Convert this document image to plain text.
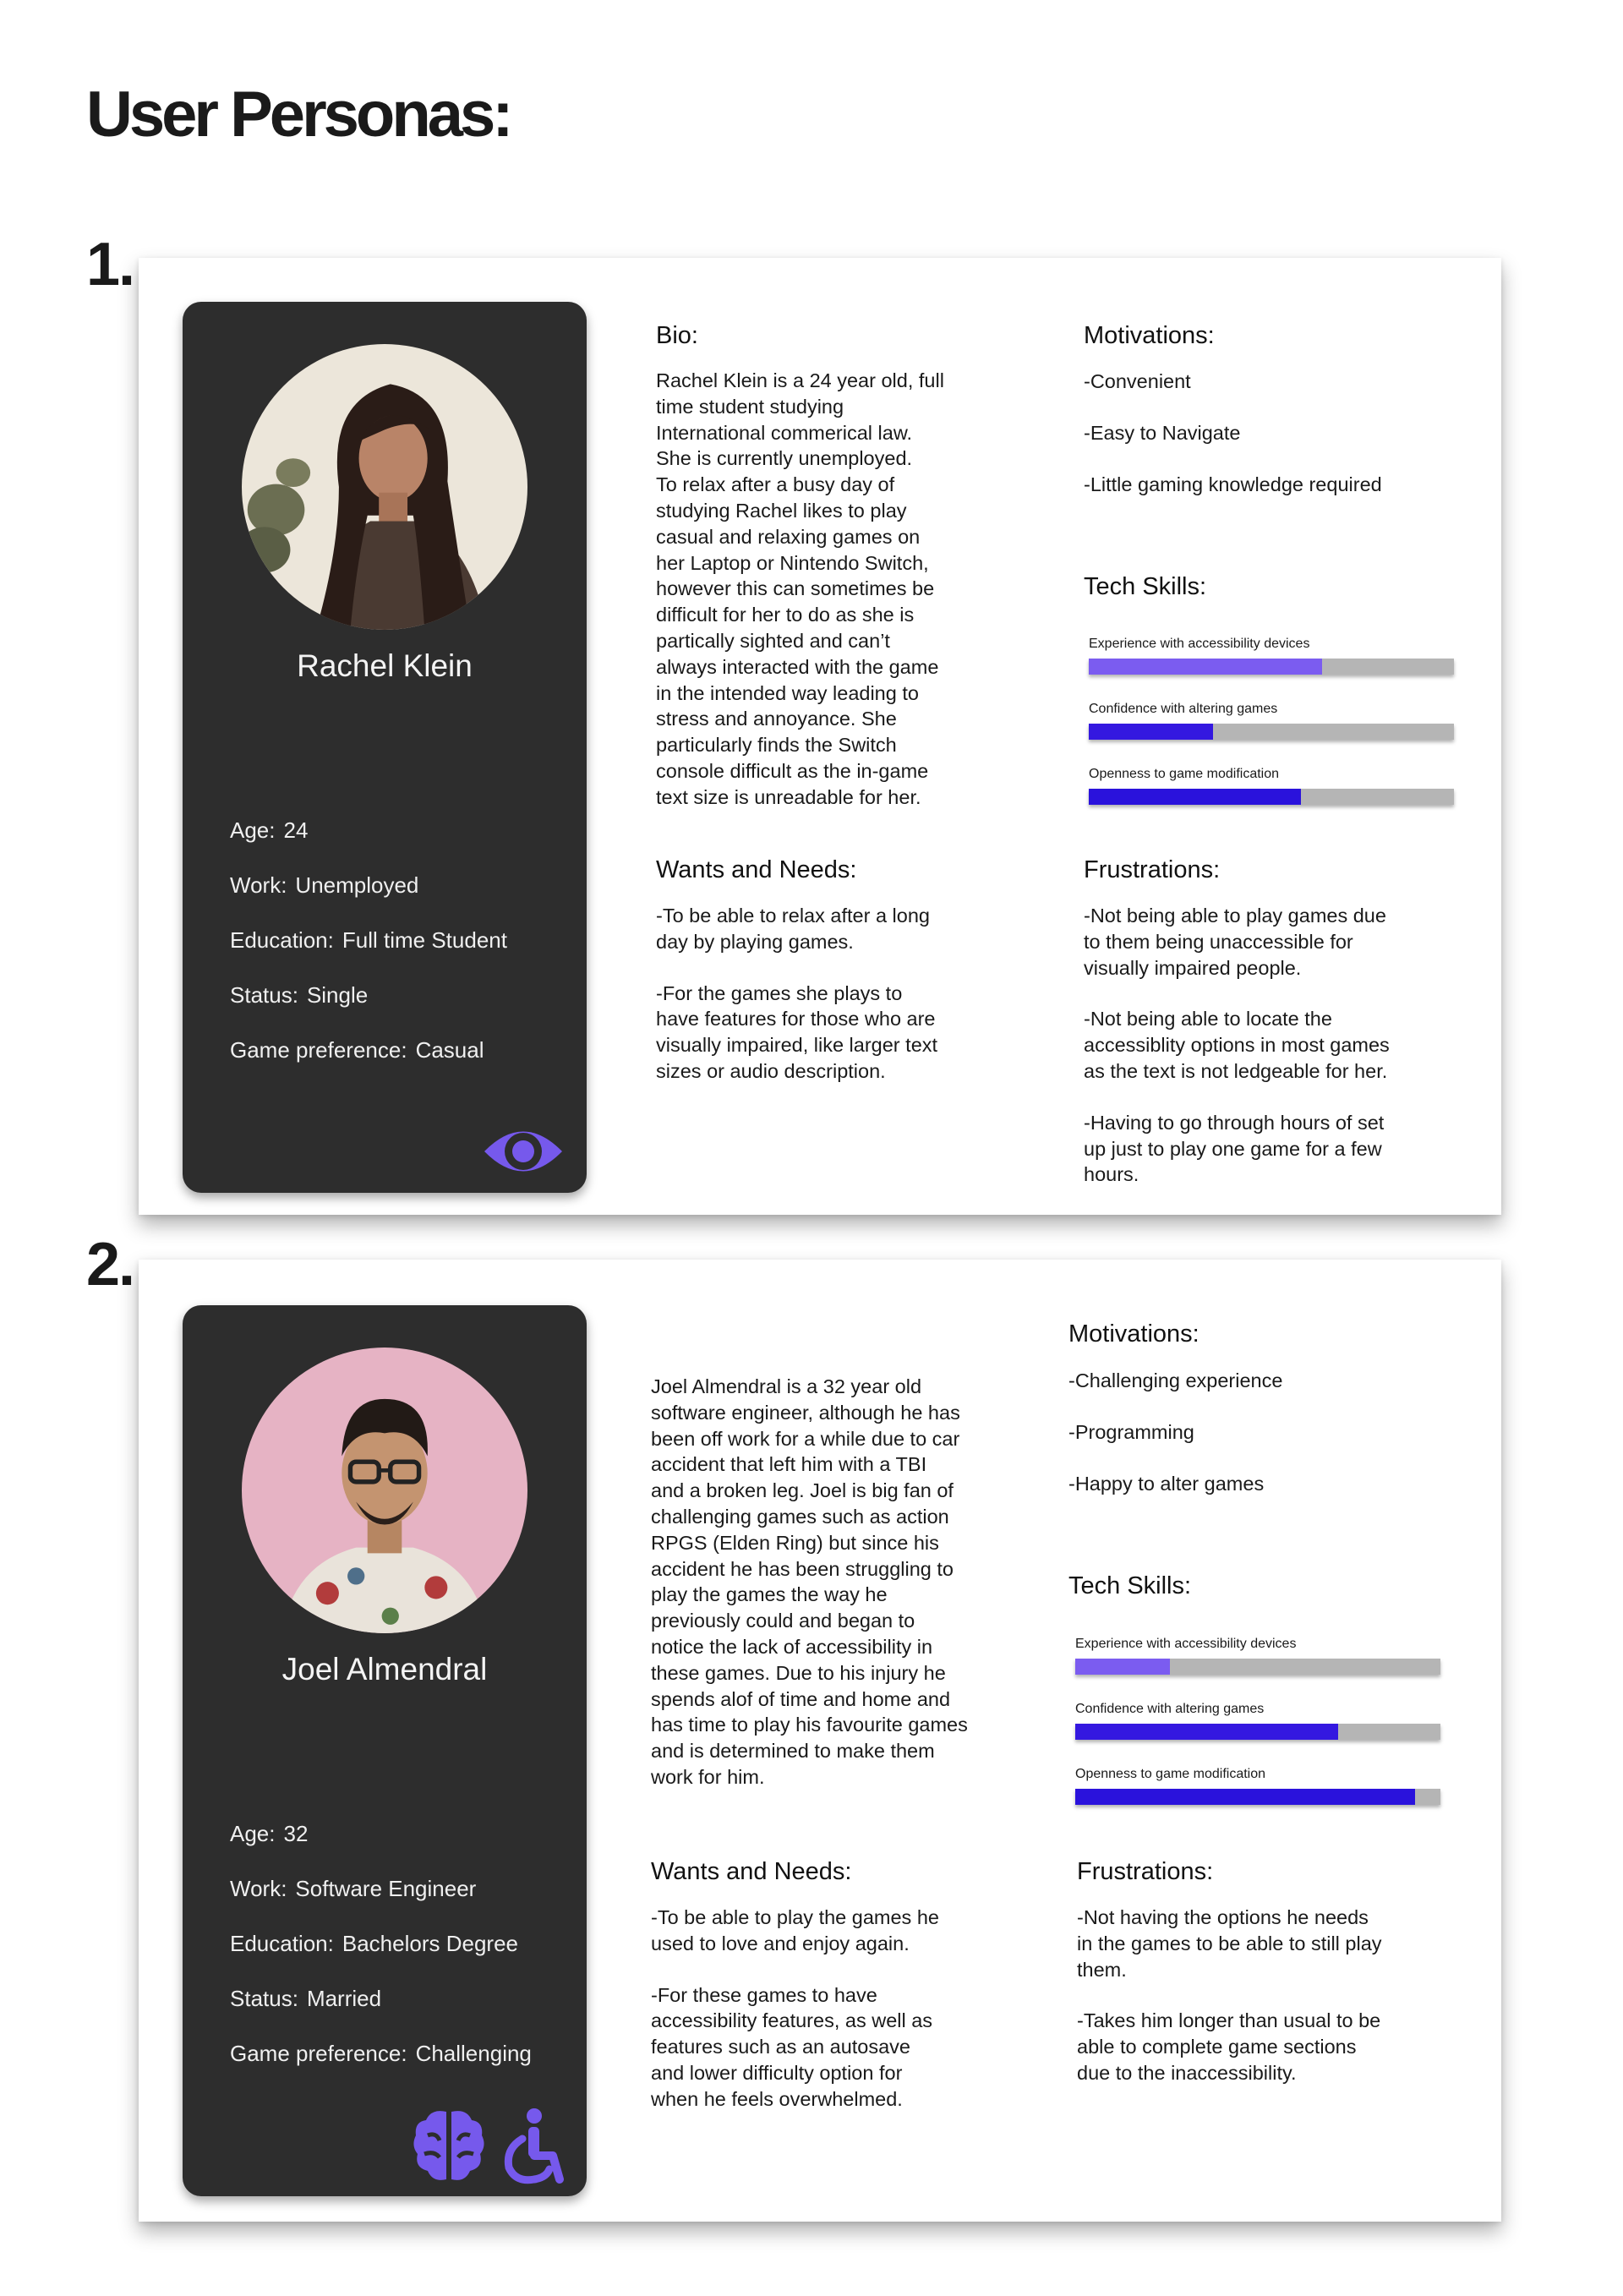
User Personas:
1.
Rachel Klein
Age: 24
Work: Unemployed
Education: Full time Student
Status: Single
Game preference: Casual
Bio:
Rachel Klein is a 24 year old, full
time student studying
International commerical law.
She is currently unemployed.
To relax after a busy day of
studying Rachel likes to play
casual and relaxing games on
her Laptop or Nintendo Switch,
however this can sometimes be
difficult for her to do as she is
partically sighted and can’t
always interacted with the game
in the intended way leading to
stress and annoyance. She
particularly finds the Switch
console difficult as the in-game
text size is unreadable for her.
Motivations:
-Convenient
-Easy to Navigate
-Little gaming knowledge required
Tech Skills:
Experience with accessibility devices
Confidence with altering games
Openness to game modification
Wants and Needs:

-To be able to relax after a long
day by playing games.

-For the games she plays to
have features for those who are
visually impaired, like larger text
sizes or audio description.

Frustrations:

-Not being able to play games due
to them being unaccessible for
visually impaired people.

-Not being able to locate the
accessiblity options in most games
as the text is not ledgeable for her.

-Having to go through hours of set
up just to play one game for a few
hours.

2.
Joel Almendral
Age: 32
Work: Software Engineer
Education: Bachelors Degree
Status: Married
Game preference: Challenging
Joel Almendral is a 32 year old
software engineer, although he has
been off work for a while due to car
accident that left him with a TBI
and a broken leg. Joel is big fan of
challenging games such as action
RPGS (Elden Ring) but since his
accident he has been struggling to
play the games the way he
previously could and began to
notice the lack of accessibility in
these games. Due to his injury he
spends alof of time and home and
has time to play his favourite games
and is determined to make them
work for him.
Motivations:
-Challenging experience
-Programming
-Happy to alter games
Tech Skills:
Experience with accessibility devices
Confidence with altering games
Openness to game modification
Wants and Needs:

-To be able to play the games he
used to love and enjoy again.

-For these games to have
accessibility features, as well as
features such as an autosave
and lower difficulty option for
when he feels overwhelmed.

Frustrations:

-Not having the options he needs
in the games to be able to still play
them.

-Takes him longer than usual to be
able to complete game sections
due to the inaccessibility.
